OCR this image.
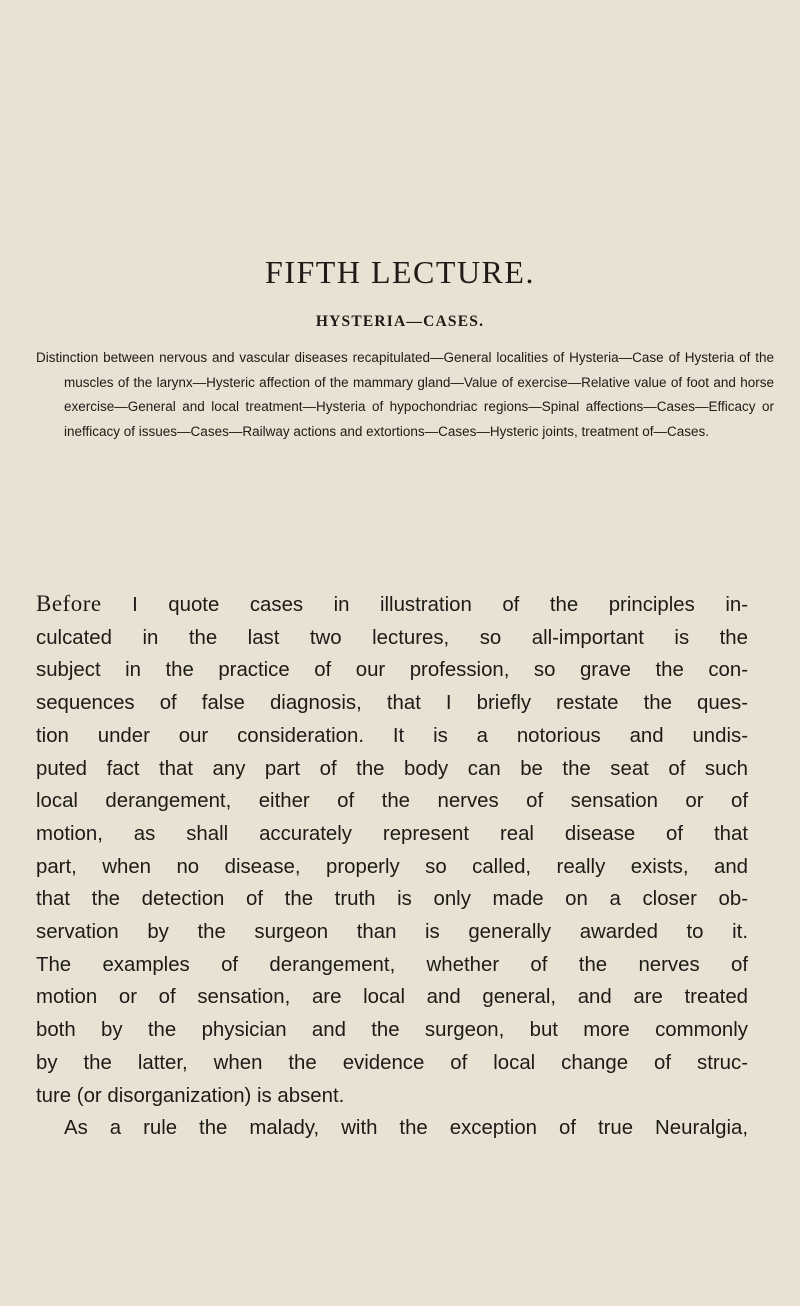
FIFTH LECTURE.
HYSTERIA—CASES.

Distinction between nervous and vascular diseases recapitulated—General localities of Hysteria—Case of Hysteria of the muscles of the larynx—Hysteric affection of the mammary gland—Value of exercise—Relative value of foot and horse exercise—General and local treatment—Hysteria of hypochondriac regions—Spinal affections—Cases—Efficacy or inefficacy of issues—Cases—Railway actions and extortions—Cases—Hysteric joints, treatment of—Cases.

Before I quote cases in illustration of the principles in-
culcated in the last two lectures, so all-important is the
subject in the practice of our profession, so grave the con-
sequences of false diagnosis, that I briefly restate the ques-
tion under our consideration. It is a notorious and undis-
puted fact that any part of the body can be the seat of such
local derangement, either of the nerves of sensation or of
motion, as shall accurately represent real disease of that
part, when no disease, properly so called, really exists, and
that the detection of the truth is only made on a closer ob-
servation by the surgeon than is generally awarded to it.
The examples of derangement, whether of the nerves of
motion or of sensation, are local and general, and are treated
both by the physician and the surgeon, but more commonly
by the latter, when the evidence of local change of struc-
ture (or disorganization) is absent.

As a rule the malady, with the exception of true Neuralgia,
